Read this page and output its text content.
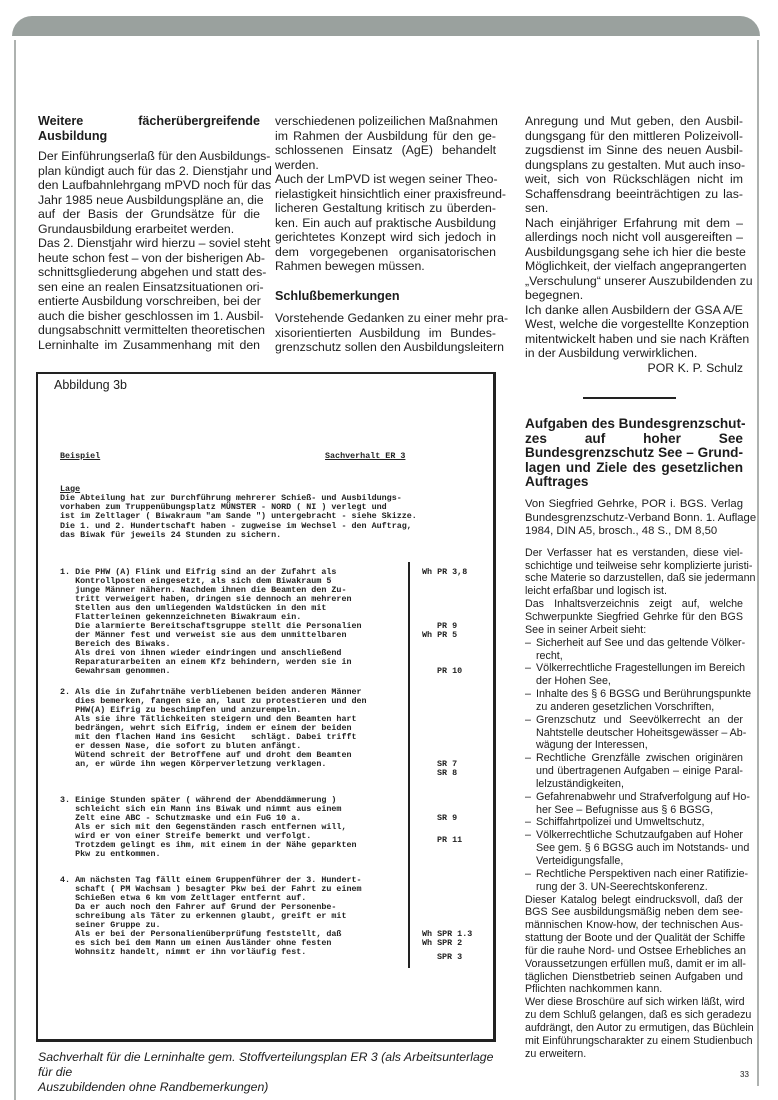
Weitere fächerübergreifende
Ausbildung
Der Einführungserlaß für den Ausbildungs-
plan kündigt auch für das 2. Dienstjahr und
den Laufbahnlehrgang mPVD noch für das
Jahr 1985 neue Ausbildungspläne an, die
auf der Basis der Grundsätze für die
Grundausbildung erarbeitet werden.
Das 2. Dienstjahr wird hierzu – soviel steht
heute schon fest – von der bisherigen Ab-
schnittsgliederung abgehen und statt des-
sen eine an realen Einsatzsituationen ori-
entierte Ausbildung vorschreiben, bei der
auch die bisher geschlossen im 1. Ausbil-
dungsabschnitt vermittelten theoretischen
Lerninhalte im Zusammenhang mit den
verschiedenen polizeilichen Maßnahmen
im Rahmen der Ausbildung für den ge-
schlossenen Einsatz (AgE) behandelt
werden.
Auch der LmPVD ist wegen seiner Theo-
rielastigkeit hinsichtlich einer praxisfreund-
licheren Gestaltung kritisch zu überden-
ken. Ein auch auf praktische Ausbildung
gerichtetes Konzept wird sich jedoch in
dem vorgegebenen organisatorischen
Rahmen bewegen müssen.
Schlußbemerkungen
Vorstehende Gedanken zu einer mehr pra-
xisorientierten Ausbildung im Bundes-
grenzschutz sollen den Ausbildungsleitern
Anregung und Mut geben, den Ausbil-
dungsgang für den mittleren Polizeivoll-
zugsdienst im Sinne des neuen Ausbil-
dungsplans zu gestalten. Mut auch inso-
weit, sich von Rückschlägen nicht im
Schaffensdrang beeinträchtigen zu las-
sen.
Nach einjähriger Erfahrung mit dem –
allerdings noch nicht voll ausgereiften –
Ausbildungsgang sehe ich hier die beste
Möglichkeit, der vielfach angeprangerten
„Verschulung“ unserer Auszubildenden zu
begegnen.
Ich danke allen Ausbildern der GSA A/E
West, welche die vorgestellte Konzeption
mitentwickelt haben und sie nach Kräften
in der Ausbildung verwirklichen.
POR K. P. Schulz
Aufgaben des Bundesgrenzschut-
zes auf hoher See
Bundesgrenzschutz See – Grund-
lagen und Ziele des gesetzlichen
Auftrages
Von Siegfried Gehrke, POR i. BGS. Verlag
Bundesgrenzschutz-Verband Bonn. 1. Auflage
1984, DIN A5, brosch., 48 S., DM 8,50
Der Verfasser hat es verstanden, diese viel-
schichtige und teilweise sehr komplizierte juristi-
sche Materie so darzustellen, daß sie jedermann
leicht erfaßbar und logisch ist.
Das Inhaltsverzeichnis zeigt auf, welche
Schwerpunkte Siegfried Gehrke für den BGS
See in seiner Arbeit sieht:
– Sicherheit auf See und das geltende Völker-
recht,
– Völkerrechtliche Fragestellungen im Bereich
der Hohen See,
– Inhalte des § 6 BGSG und Berührungspunkte
zu anderen gesetzlichen Vorschriften,
– Grenzschutz und Seevölkerrecht an der
Nahtstelle deutscher Hoheitsgewässer – Ab-
wägung der Interessen,
– Rechtliche Grenzfälle zwischen originären
und übertragenen Aufgaben – einige Paral-
lelzuständigkeiten,
– Gefahrenabwehr und Strafverfolgung auf Ho-
her See – Befugnisse aus § 6 BGSG,
– Schiffahrtpolizei und Umweltschutz,
– Völkerrechtliche Schutzaufgaben auf Hoher
See gem. § 6 BGSG auch im Notstands- und
Verteidigungsfalle,
– Rechtliche Perspektiven nach einer Ratifizie-
rung der 3. UN-Seerechtskonferenz.
Dieser Katalog belegt eindrucksvoll, daß der
BGS See ausbildungsmäßig neben dem see-
männischen Know-how, der technischen Aus-
stattung der Boote und der Qualität der Schiffe
für die rauhe Nord- und Ostsee Erhebliches an
Voraussetzungen erfüllen muß, damit er im all-
täglichen Dienstbetrieb seinen Aufgaben und
Pflichten nachkommen kann.
Wer diese Broschüre auf sich wirken läßt, wird
zu dem Schluß gelangen, daß es sich geradezu
aufdrängt, den Autor zu ermutigen, das Büchlein
mit Einführungscharakter zu einem Studienbuch
zu erweitern.
Abbildung 3b
Beispiel	Sachverhalt ER 3
Lage
Die Abteilung hat zur Durchführung mehrerer Schieß- und Ausbildungs-
vorhaben zum Truppenübungsplatz MÜNSTER - NORD ( NI ) verlegt und
ist im Zeltlager ( Biwakraum "am Sande ") untergebracht - siehe Skizze.
Die 1. und 2. Hundertschaft haben - zugweise im Wechsel - den Auftrag,
das Biwak für jeweils 24 Stunden zu sichern.
1. Die PHW (A) Flink und Eifrig sind an der Zufahrt als
Kontrollposten eingesetzt, als sich dem Biwakraum 5
junge Männer nähern. Nachdem ihnen die Beamten den Zu-
tritt verweigert haben, dringen sie dennoch an mehreren
Stellen aus den umliegenden Waldstücken in den mit
Flatterleinen gekennzeichneten Biwakraum ein.
Die alarmierte Bereitschaftsgruppe stellt die Personalien
der Männer fest und verweist sie aus dem unmittelbaren
Bereich des Biwaks.
Als drei von ihnen wieder eindringen und anschließend
Reparaturarbeiten an einem Kfz behindern, werden sie in
Gewahrsam genommen.
2. Als die in Zufahrtnähe verbliebenen beiden anderen Männer
dies bemerken, fangen sie an, laut zu protestieren und den
PHW(A) Eifrig zu beschimpfen und anzurempeln.
Als sie ihre Tätlichkeiten steigern und den Beamten hart
bedrängen, wehrt sich Eifrig, indem er einem der beiden
mit den flachen Hand ins Gesicht   schlägt. Dabei trifft
er dessen Nase, die sofort zu bluten anfängt.
Wütend schreit der Betroffene auf und droht dem Beamten
an, er würde ihn wegen Körperverletzung verklagen.
3. Einige Stunden später ( während der Abenddämmerung )
schleicht sich ein Mann ins Biwak und nimmt aus einem
Zelt eine ABC - Schutzmaske und ein FuG 10 a.
Als er sich mit den Gegenständen rasch entfernen will,
wird er von einer Streife bemerkt und verfolgt.
Trotzdem gelingt es ihm, mit einem in der Nähe geparkten
Pkw zu entkommen.
4. Am nächsten Tag fällt einem Gruppenführer der 3. Hundert-
schaft ( PM Wachsam ) besagter Pkw bei der Fahrt zu einem
Schießen etwa 6 km vom Zeltlager entfernt auf.
Da er auch noch den Fahrer auf Grund der Personenbe-
schreibung als Täter zu erkennen glaubt, greift er mit
seiner Gruppe zu.
Als er bei der Personalienüberprüfung feststellt, daß
es sich bei dem Mann um einen Ausländer ohne festen
Wohnsitz handelt, nimmt er ihn vorläufig fest.
Wh PR 3,8
PR 9
Wh PR 5
PR 10
SR 7
SR 8
SR 9
PR 11
Wh SPR 1.3
Wh SPR 2
SPR 3
Sachverhalt für die Lerninhalte gem. Stoffverteilungsplan ER 3 (als Arbeitsunterlage für die
Auszubildenden ohne Randbemerkungen)
33
